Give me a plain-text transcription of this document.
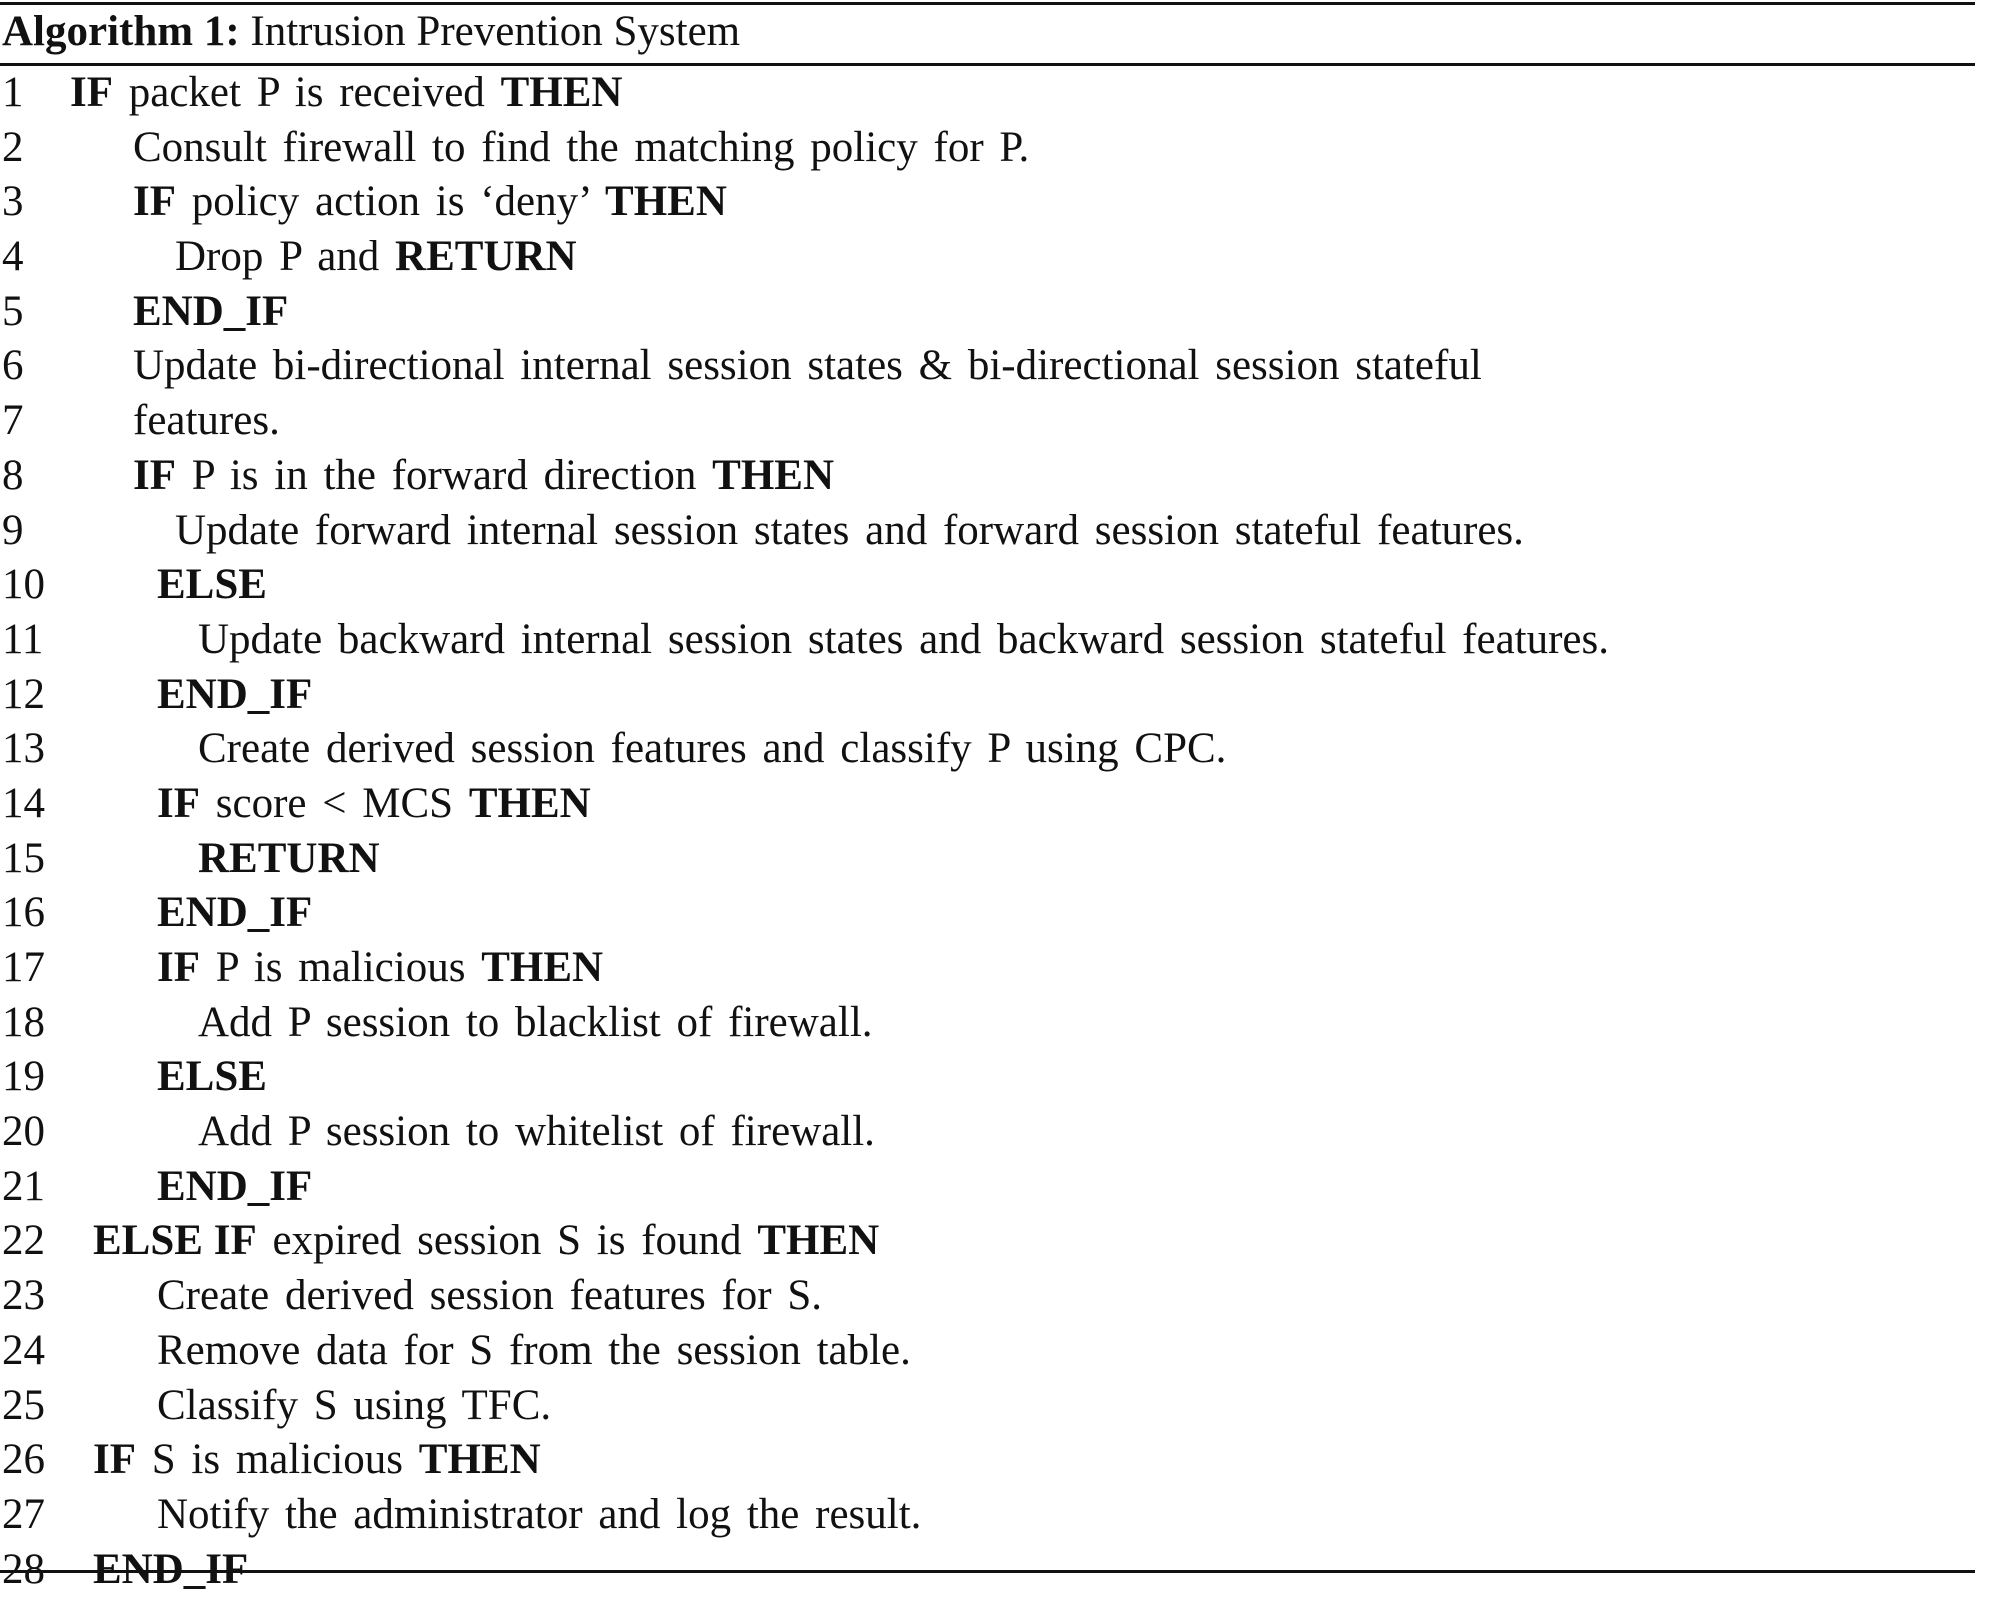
Algorithm 1: Intrusion Prevention System
1 IF packet P is received THEN
2	Consult firewall to find the matching policy for P.
3	IF policy action is ‘deny’ THEN
4	Drop P and RETURN
5	END_IF
6	Update bi-directional internal session states & bi-directional session stateful
7	features.
8	IF P is in the forward direction THEN
9	Update forward internal session states and forward session stateful features.
10	ELSE
11	Update backward internal session states and backward session stateful features.
12	END_IF
13	Create derived session features and classify P using CPC.
14	IF score < MCS THEN
15	RETURN
16	END_IF
17	IF P is malicious THEN
18	Add P session to blacklist of firewall.
19	ELSE
20	Add P session to whitelist of firewall.
21	END_IF
22 ELSE IF expired session S is found THEN
23	Create derived session features for S.
24	Remove data for S from the session table.
25	Classify S using TFC.
26 IF S is malicious THEN
27	Notify the administrator and log the result.
28 END_IF
